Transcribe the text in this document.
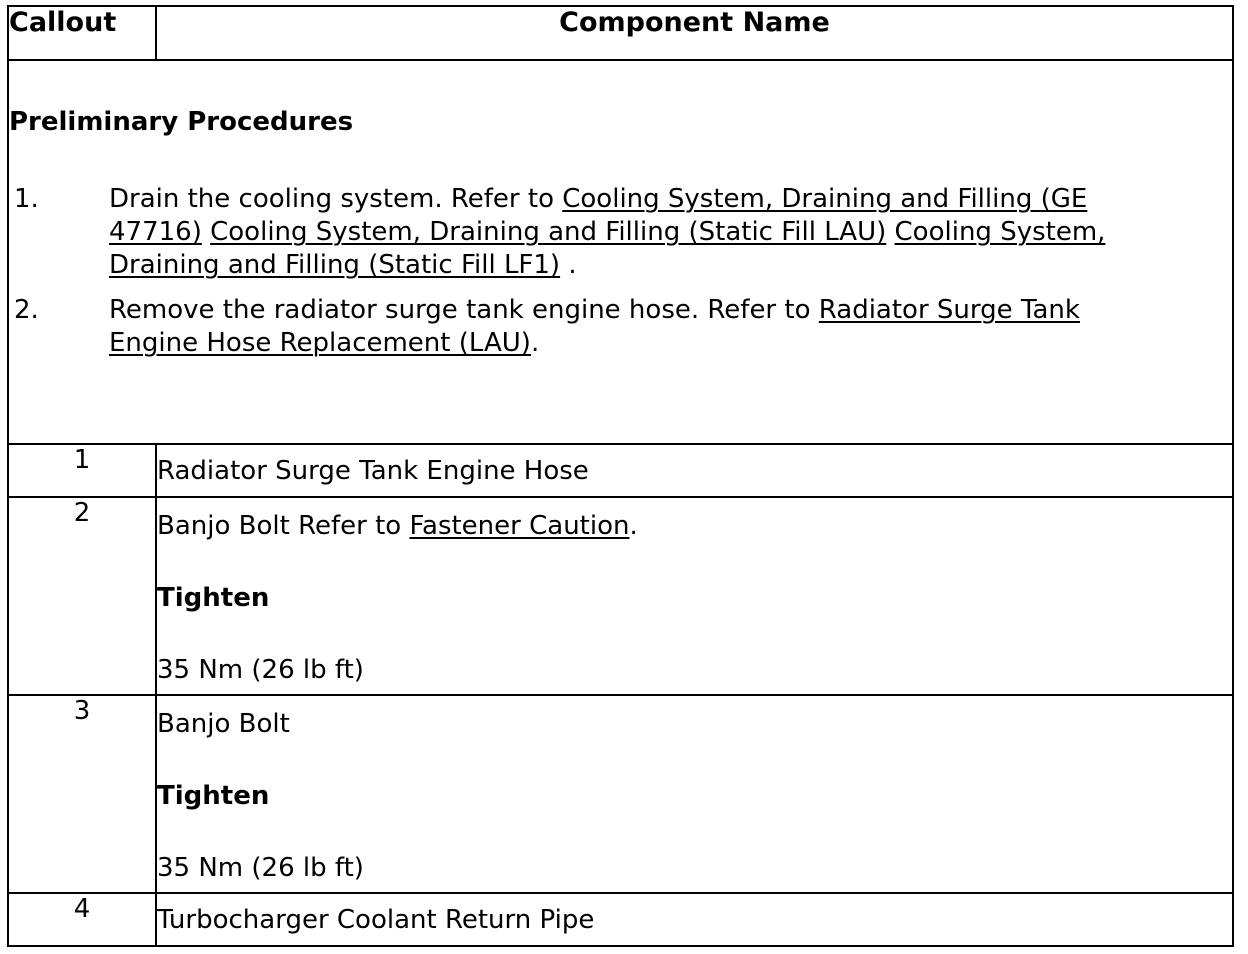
Callout	Component Name

Preliminary Procedures
1. Drain the cooling system. Refer to Cooling System, Draining and Filling (GE 47716) Cooling System, Draining and Filling (Static Fill LAU) Cooling System, Draining and Filling (Static Fill LF1) .
2. Remove the radiator surge tank engine hose. Refer to Radiator Surge Tank Engine Hose Replacement (LAU).	

1	Radiator Surge Tank Engine Hose
2	Banjo Bolt Refer to Fastener Caution.
Tighten
35 Nm (26 lb ft)

3	Banjo Bolt
Tighten
35 Nm (26 lb ft)

4	Turbocharger Coolant Return Pipe
